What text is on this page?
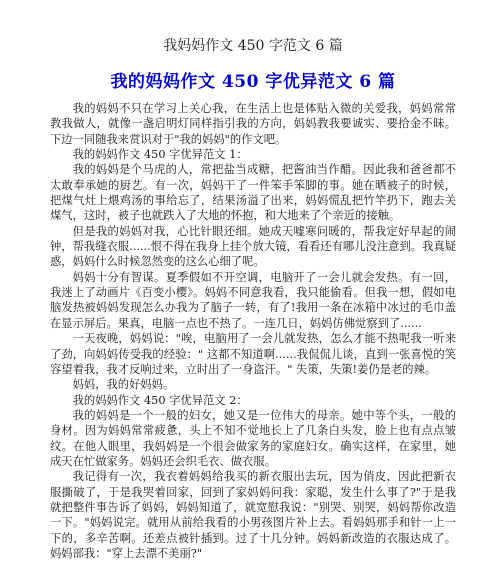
我妈妈作文 450 字范文 6 篇
我的妈妈作文 450 字优异范文 6 篇

我的妈妈不只在学习上关心我，在生活上也是体贴入微的关爱我，妈妈常常教我做人，就像一盏启明灯同样指引我的方向，妈妈教我要诚实、要拾金不昧。下边一同随我来赏识对于"我的妈妈"的作文吧。

我的妈妈作文 450 字优异范文 1：

我的妈妈是个马虎的人，常把盐当成糖，把酱油当作醋。因此我和爸爸都不太敢奉承她的厨艺。有一次，妈妈干了一件笨手笨脚的事。她在晒被子的时候，把煤气灶上煨鸡汤的事给忘了，结果汤溢了出来，妈妈慌乱把竹竿扔下，跑去关煤气，这时，被子也就跌入了大地的怀抱，和大地来了个亲近的接触。

但是我的妈妈对我，心比针眼还细。她成天嘘寒问暖的，帮我定好早起的闹钟，帮我缝衣服......恨不得在我身上挂个放大镜，看看还有哪儿没注意到。我真疑惑，妈妈什么时候忽然变的这么心细了呢。

妈妈十分有智谋。夏季假如不开空调，电脑开了一会儿就会发热。有一回，我迷上了动画片《百变小樱》。妈妈不同意我看，我只能偷看。但我一想，假如电脑发热被妈妈发现怎么办我为了脑子一转，有了!我用一条在冰箱中冰过的毛巾盖在显示屏后。果真，电脑一点也不热了。一连几日，妈妈仿佛觉察到了......

一天夜晚，妈妈说："唉，电脑用了一会儿就发热，怎么才能不热呢我一听来了劲，向妈妈传受我的经验：" 这都不知道啊......我侃侃儿谈，直到一张喜悦的笑容望着我，我才反响过来，立时出了一身盗汗。" 失策，失策!姜仍是老的辣。

妈妈，我的好妈妈。

我的妈妈作文 450 字优异范文 2：

我的妈妈是一个一般的妇女，她又是一位伟大的母亲。她中等个头，一般的身材。因为妈妈常常疲惫，头上不知不觉地长上了几条白头发，脸上也有点点皱纹。在他人眼里，我妈妈是一个很会做家务的家庭妇女。确实这样，在家里，她成天在忙做家务。妈妈还会织毛衣、做衣服。

我记得有一次，我衣着妈妈给我买的新衣服出去玩，因为俏皮，因此把新衣服撕破了，于是我哭着回家，回到了家妈妈问我：家聪，发生什么事了?"于是我就把整件事告诉了妈妈，妈妈知道了，就宽慰我说："别哭、别哭，妈妈帮你改造一下。"妈妈说完。就用从前给我看的小男孩图片补上去。看妈妈那手和针一上一下的，多辛苦啊。还差点被针插到。过了十几分钟。妈妈新改造的衣服达成了。妈妈部我："穿上去漂不美丽?"
